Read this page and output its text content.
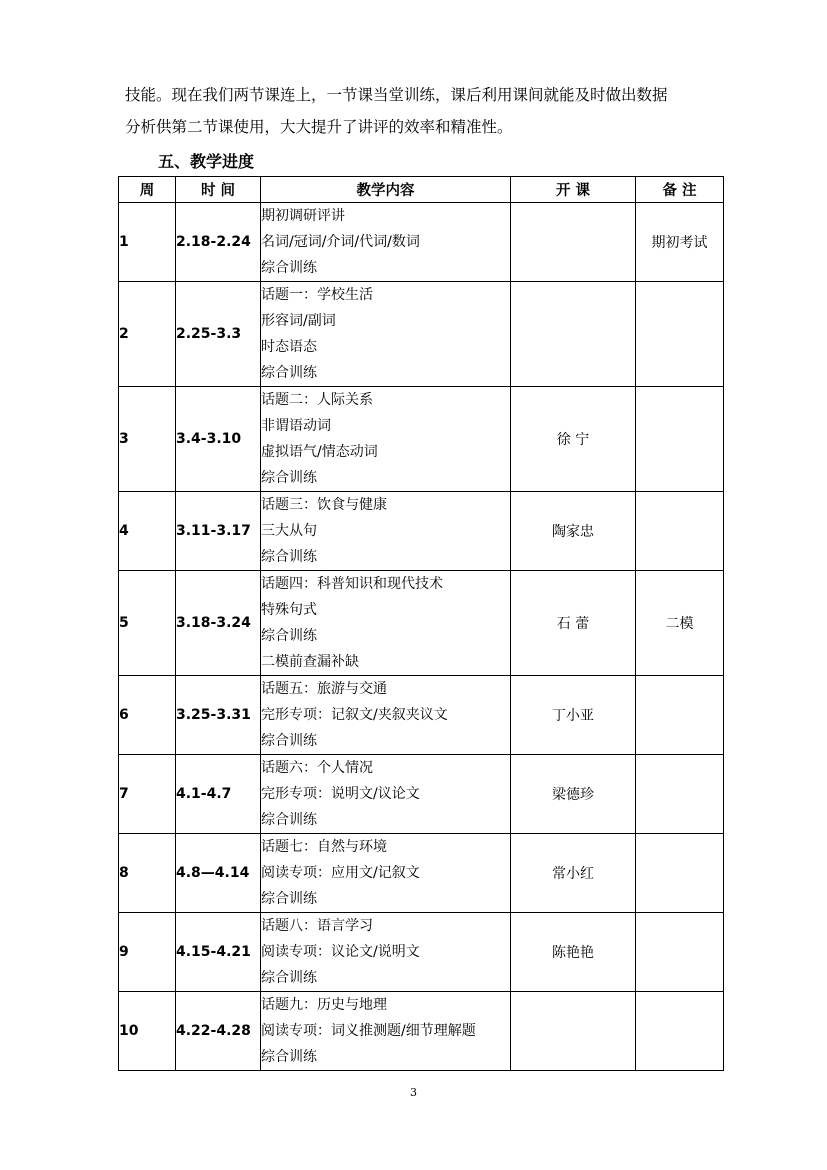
技能。现在我们两节课连上，一节课当堂训练，课后利用课间就能及时做出数据
分析供第二节课使用，大大提升了讲评的效率和精准性。
五、教学进度
周	时 间	教学内容	开 课	备 注
1	2.18-2.24	期初调研评讲
名词/冠词/介词/代词/数词
综合训练		期初考试
2	2.25-3.3	话题一：学校生活
形容词/副词
时态语态
综合训练		

3	3.4-3.10	话题二：人际关系
非谓语动词
虚拟语气/情态动词
综合训练	徐 宁	
4	3.11-3.17	话题三：饮食与健康
三大从句
综合训练	陶家忠	
5	3.18-3.24	话题四：科普知识和现代技术
特殊句式
综合训练
二模前查漏补缺	石 蕾	二模
6	3.25-3.31	话题五：旅游与交通
完形专项：记叙文/夹叙夹议文
综合训练	丁小亚	
7	4.1-4.7	话题六：个人情况
完形专项：说明文/议论文
综合训练	梁德珍	
8	4.8—4.14	话题七：自然与环境
阅读专项：应用文/记叙文
综合训练	常小红	
9	4.15-4.21	话题八：语言学习
阅读专项：议论文/说明文
综合训练	陈艳艳	
10	4.22-4.28	话题九：历史与地理
阅读专项：词义推测题/细节理解题
综合训练		

3
